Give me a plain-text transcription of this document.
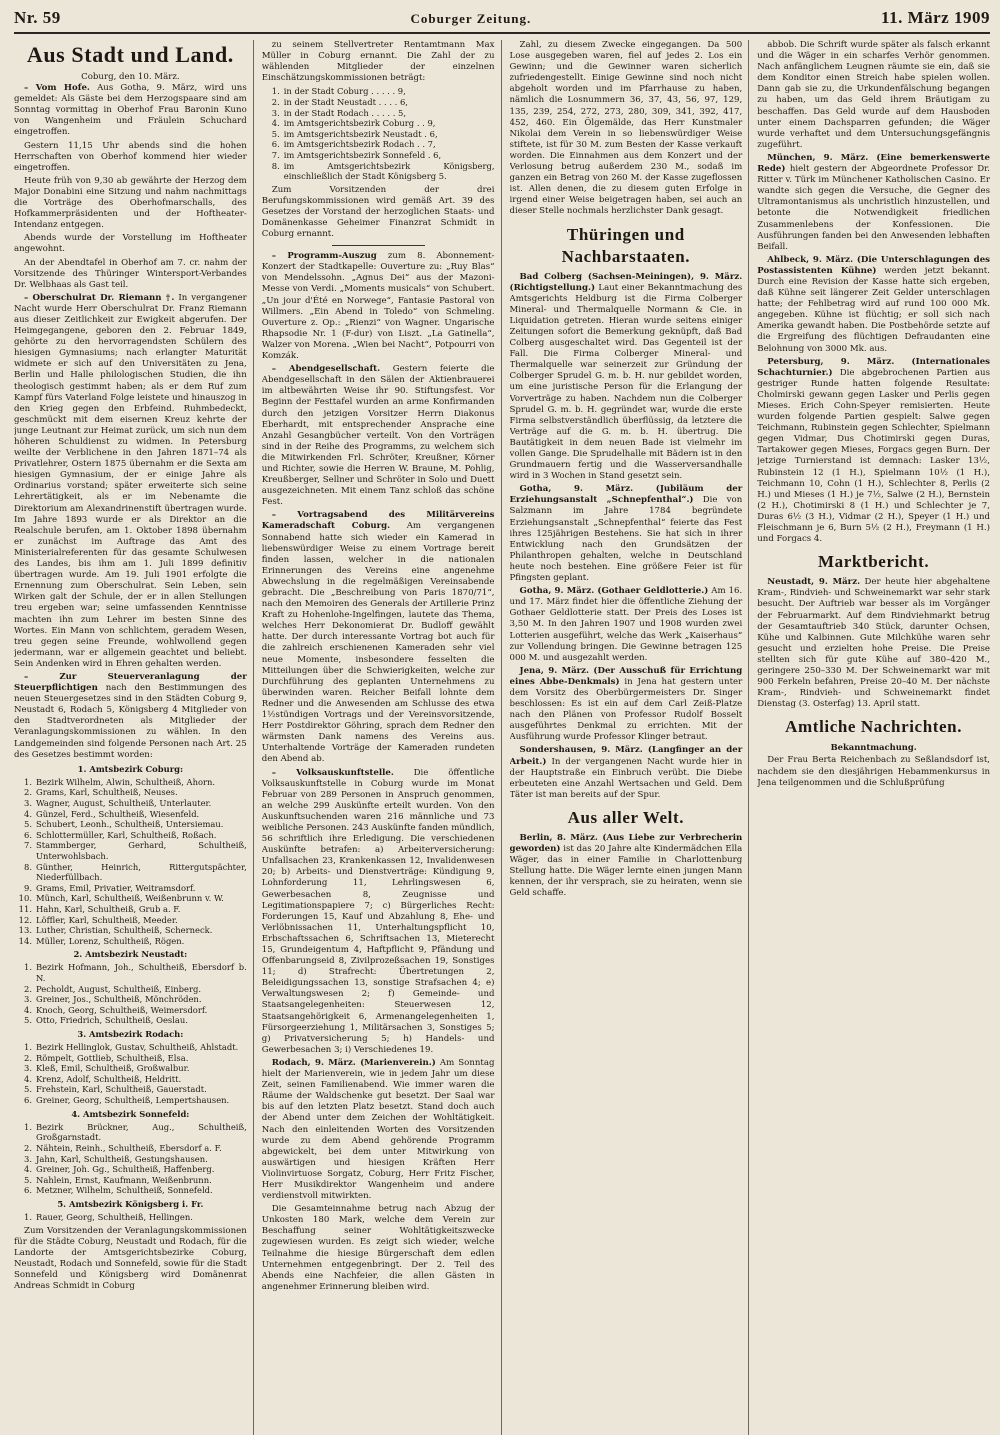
Nr. 59	Coburger Zeitung.	11. März 1909
Aus Stadt und Land.
Coburg, den 10. März.

– Vom Hofe. Aus Gotha, 9. März, wird uns gemeldet: Als Gäste bei dem Herzogspaare sind am Sonntag vormittag in Oberhof Frau Baronin Kuno von Wangenheim und Fräulein Schuchard eingetroffen.

Gestern 11,15 Uhr abends sind die hohen Herrschaften von Oberhof kommend hier wieder eingetroffen.

Heute früh von 9,30 ab gewährte der Herzog dem Major Donabini eine Sitzung und nahm nachmittags die Vorträge des Oberhofmarschalls, des Hofkammerpräsidenten und der Hoftheater-Intendanz entgegen.

Abends wurde der Vorstellung im Hoftheater angewohnt.

An der Abendtafel in Oberhof am 7. cr. nahm der Vorsitzende des Thüringer Wintersport-Verbandes Dr. Welbhaas als Gast teil.

– Oberschulrat Dr. Riemann †. In vergangener Nacht wurde Herr Oberschulrat Dr. Franz Riemann aus dieser Zeitlichkeit zur Ewigkeit abgerufen. Der Heimgegangene, geboren den 2. Februar 1849, gehörte zu den hervorragendsten Schülern des hiesigen Gymnasiums; nach erlangter Maturität widmete er sich auf den Universitäten zu Jena, Berlin und Halle philologischen Studien, die ihn theologisch gestimmt haben; als er dem Ruf zum Kampf fürs Vaterland Folge leistete und hinauszog in den Krieg gegen den Erbfeind. Ruhmbedeckt, geschmückt mit dem eisernen Kreuz kehrte der junge Leutnant zur Heimat zurück, um sich nun dem höheren Schuldienst zu widmen. In Petersburg weilte der Verblichene in den Jahren 1871–74 als Privatlehrer, Ostern 1875 übernahm er die Sexta am hiesigen Gymnasium, der er einige Jahre als Ordinarius vorstand; später erweiterte sich seine Lehrertätigkeit, als er im Nebenamte die Direktorium am Alexandrinenstift übertragen wurde. Im Jahre 1893 wurde er als Direktor an die Realschule berufen, am 1. Oktober 1898 übernahm er zunächst im Auftrage das Amt des Ministerialreferenten für das gesamte Schulwesen des Landes, bis ihm am 1. Juli 1899 definitiv übertragen wurde. Am 19. Juli 1901 erfolgte die Ernennung zum Oberschulrat. Sein Leben, sein Wirken galt der Schule, der er in allen Stellungen treu ergeben war; seine umfassenden Kenntnisse machten ihn zum Lehrer im besten Sinne des Wortes. Ein Mann von schlichtem, geradem Wesen, treu gegen seine Freunde, wohlwollend gegen jedermann, war er allgemein geachtet und beliebt. Sein Andenken wird in Ehren gehalten werden.

– Zur Steuerveranlagung der Steuerpflichtigen nach den Bestimmungen des neuen Steuergesetzes sind in den Städten Coburg 9, Neustadt 6, Rodach 5, Königsberg 4 Mitglieder von den Stadtverordneten als Mitglieder der Veranlagungskommissionen zu wählen. In den Landgemeinden sind folgende Personen nach Art. 25 des Gesetzes bestimmt worden:

1. Amtsbezirk Coburg:
1. Bezirk Wilhelm, Alwin, Schultheiß, Ahorn.
2. Grams, Karl, Schultheiß, Neuses.
3. Wagner, August, Schultheiß, Unterlauter.
4. Günzel, Ferd., Schultheiß, Wiesenfeld.
5. Schubert, Leonh., Schultheiß, Untersiemau.
6. Schlottermüller, Karl, Schultheiß, Roßach.
7. Stammberger, Gerhard, Schultheiß, Unterwohlsbach.
8. Günther, Heinrich, Rittergutspächter, Niederfüllbach.
9. Grams, Emil, Privatier, Weitramsdorf.
10. Münch, Karl, Schultheiß, Weißenbrunn v. W.
11. Hahn, Karl, Schultheiß, Grub a. F.
12. Löffler, Karl, Schultheiß, Meeder.
13. Luther, Christian, Schultheiß, Scherneck.
14. Müller, Lorenz, Schultheiß, Rögen.
2. Amtsbezirk Neustadt:
1. Bezirk Hofmann, Joh., Schultheiß, Ebersdorf b. N.
2. Pecholdt, August, Schultheiß, Einberg.
3. Greiner, Jos., Schultheiß, Mönchröden.
4. Knoch, Georg, Schultheiß, Weimersdorf.
5. Otto, Friedrich, Schultheiß, Oeslau.
3. Amtsbezirk Rodach:
1. Bezirk Hellinglok, Gustav, Schultheiß, Ahlstadt.
2. Römpelt, Gottlieb, Schultheiß, Elsa.
3. Kleß, Emil, Schultheiß, Großwalbur.
4. Krenz, Adolf, Schultheiß, Heldritt.
5. Frehstein, Karl, Schultheiß, Gauerstadt.
6. Greiner, Georg, Schultheiß, Lempertshausen.
4. Amtsbezirk Sonnefeld:
1. Bezirk Brückner, Aug., Schultheiß, Großgarnstadt.
2. Nähtein, Reinh., Schultheiß, Ebersdorf a. F.
3. Jahn, Karl, Schultheiß, Gestungshausen.
4. Greiner, Joh. Gg., Schultheiß, Haffenberg.
5. Nahlein, Ernst, Kaufmann, Weißenbrunn.
6. Metzner, Wilhelm, Schultheiß, Sonnefeld.
5. Amtsbezirk Königsberg i. Fr.
1. Rauer, Georg, Schultheiß, Hellingen.

Zum Vorsitzenden der Veranlagungskommissionen für die Städte Coburg, Neustadt und Rodach, für die Landorte der Amtsgerichtsbezirke Coburg, Neustadt, Rodach und Sonnefeld, sowie für die Stadt Sonnefeld und Königsberg wird Domänenrat Andreas Schmidt in Coburg

zu seinem Stellvertreter Rentamtmann Max Müller in Coburg ernannt. Die Zahl der zu wählenden Mitglieder der einzelnen Einschätzungskommissionen beträgt:

1. in der Stadt Coburg . . . . . 9,
2. in der Stadt Neustadt . . . . 6,
3. in der Stadt Rodach . . . . . 5,
4. im Amtsgerichtsbezirk Coburg . . 9,
5. im Amtsgerichtsbezirk Neustadt . 6,
6. im Amtsgerichtsbezirk Rodach . . 7,
7. im Amtsgerichtsbezirk Sonnefeld . 6,
8. im Amtsgerichtsbezirk Königsberg, einschließlich der Stadt Königsberg 5.

Zum Vorsitzenden der drei Berufungskommissionen wird gemäß Art. 39 des Gesetzes der Vorstand der herzoglichen Staats- und Domänenkasse Geheimer Finanzrat Schmidt in Coburg ernannt.

– Programm-Auszug zum 8. Abonnement-Konzert der Stadtkapelle: Ouverture zu: „Ruy Blas“ von Mendelssohn. „Agnus Dei“ aus der Mazoni-Messe von Verdi. „Moments musicals“ von Schubert. „Un jour d'Été en Norwege“, Fantasie Pastoral von Willmers. „Ein Abend in Toledo“ von Schmeling. Ouverture z. Op.: „Rienzi“ von Wagner. Ungarische Rhapsodie Nr. 1 (F-dur) von Liszt. „La Gatinella“, Walzer von Morena. „Wien bei Nacht“, Potpourri von Komzák.

– Abendgesellschaft. Gestern feierte die Abendgesellschaft in den Sälen der Aktienbrauerei im altbewährten Weise ihr 90. Stiftungsfest. Vor Beginn der Festtafel wurden an arme Konfirmanden durch den jetzigen Vorsitzer Herrn Diakonus Eberhardt, mit entsprechender Ansprache eine Anzahl Gesangbücher verteilt. Von den Vorträgen sind in der Reihe des Programms, zu welchem sich die Mitwirkenden Frl. Schröter, Kreußner, Körner und Richter, sowie die Herren W. Braune, M. Pohlig, Kreußberger, Sellner und Schröter in Solo und Duett ausgezeichneten. Mit einem Tanz schloß das schöne Fest.

– Vortragsabend des Militärvereins Kameradschaft Coburg. Am vergangenen Sonnabend hatte sich wieder ein Kamerad in liebenswürdiger Weise zu einem Vortrage bereit finden lassen, welcher in die nationalen Erinnerungen des Vereins eine angenehme Abwechslung in die regelmäßigen Vereinsabende gebracht. Die „Beschreibung von Paris 1870/71“, nach den Memoiren des Generals der Artillerie Prinz Kraft zu Hohenlohe-Ingelfingen, lautete das Thema, welches Herr Dekonomierat Dr. Budloff gewählt hatte. Der durch interessante Vortrag bot auch für die zahlreich erschienenen Kameraden sehr viel neue Momente, insbesondere fesselten die Mitteilungen über die Schwierigkeiten, welche zur Durchführung des geplanten Unternehmens zu überwinden waren. Reicher Beifall lohnte dem Redner und die Anwesenden am Schlusse des etwa 1½stündigen Vortrags und der Vereinsvorsitzende, Herr Postdirektor Göhring, sprach dem Redner den wärmsten Dank namens des Vereins aus. Unterhaltende Vorträge der Kameraden rundeten den Abend ab.

– Volksauskunftstelle. Die öffentliche Volksauskunftstelle in Coburg wurde im Monat Februar von 289 Personen in Anspruch genommen, an welche 299 Auskünfte erteilt wurden. Von den Auskunftsuchenden waren 216 männliche und 73 weibliche Personen. 243 Auskünfte fanden mündlich, 56 schriftlich ihre Erledigung. Die verschiedenen Auskünfte betrafen: a) Arbeiterversicherung: Unfallsachen 23, Krankenkassen 12, Invalidenwesen 20; b) Arbeits- und Dienstverträge: Kündigung 9, Lohnforderung 11, Lehrlingswesen 6, Gewerbesachen 8, Zeugnisse und Legitimationspapiere 7; c) Bürgerliches Recht: Forderungen 15, Kauf und Abzahlung 8, Ehe- und Verlöbnissachen 11, Unterhaltungspflicht 10, Erbschaftssachen 6, Schriftsachen 13, Mieterecht 15, Grundeigentum 4, Haftpflicht 9, Pfändung und Offenbarungseid 8, Zivilprozeßsachen 19, Sonstiges 11; d) Strafrecht: Übertretungen 2, Beleidigungssachen 13, sonstige Strafsachen 4; e) Verwaltungswesen 2; f) Gemeinde- und Staatsangelegenheiten: Steuerwesen 12, Staatsangehörigkeit 6, Armenangelegenheiten 1, Fürsorgeerziehung 1, Militärsachen 3, Sonstiges 5; g) Privatversicherung 5; h) Handels- und Gewerbesachen 3; i) Verschiedenes 19.

Rodach, 9. März. (Marienverein.) Am Sonntag hielt der Marienverein, wie in jedem Jahr um diese Zeit, seinen Familienabend. Wie immer waren die Räume der Waldschenke gut besetzt. Der Saal war bis auf den letzten Platz besetzt. Stand doch auch der Abend unter dem Zeichen der Wohltätigkeit. Nach den einleitenden Worten des Vorsitzenden wurde zu dem Abend gehörende Programm abgewickelt, bei dem unter Mitwirkung von auswärtigen und hiesigen Kräften Herr Violinvirtuose Sorgatz, Coburg, Herr Fritz Fischer, Herr Musikdirektor Wangenheim und andere verdienstvoll mitwirkten.

Die Gesamteinnahme betrug nach Abzug der Unkosten 180 Mark, welche dem Verein zur Beschaffung seiner Wohltätigkeitszwecke zugewiesen wurden. Es zeigt sich wieder, welche Teilnahme die hiesige Bürgerschaft dem edlen Unternehmen entgegenbringt. Der 2. Teil des Abends eine Nachfeier, die allen Gästen in angenehmer Erinnerung bleiben wird.

Zahl, zu diesem Zwecke eingegangen. Da 500 Lose ausgegeben waren, fiel auf jedes 2. Los ein Gewinn; und die Gewinner waren sicherlich zufriedengestellt. Einige Gewinne sind noch nicht abgeholt worden und im Pfarrhause zu haben, nämlich die Losnummern 36, 37, 43, 56, 97, 129, 135, 239, 254, 272, 273, 280, 309, 341, 392, 417, 452, 460. Ein Ölgemälde, das Herr Kunstmaler Nikolai dem Verein in so liebenswürdiger Weise stiftete, ist für 30 M. zum Besten der Kasse verkauft worden. Die Einnahmen aus dem Konzert und der Verlosung betrug außerdem 230 M., sodaß im ganzen ein Betrag von 260 M. der Kasse zugeflossen ist. Allen denen, die zu diesem guten Erfolge in irgend einer Weise beigetragen haben, sei auch an dieser Stelle nochmals herzlichster Dank gesagt.

Thüringen und Nachbarstaaten.

Bad Colberg (Sachsen-Meiningen), 9. März. (Richtigstellung.) Laut einer Bekanntmachung des Amtsgerichts Heldburg ist die Firma Colberger Mineral- und Thermalquelle Normann & Cie. in Liquidation getreten. Hieran wurde seitens einiger Zeitungen sofort die Bemerkung geknüpft, daß Bad Colberg ausgeschaltet wird. Das Gegenteil ist der Fall. Die Firma Colberger Mineral- und Thermalquelle war seinerzeit zur Gründung der Colberger Sprudel G. m. b. H. nur gebildet worden, um eine juristische Person für die Erlangung der Vorverträge zu haben. Nachdem nun die Colberger Sprudel G. m. b. H. gegründet war, wurde die erste Firma selbstverständlich überflüssig, da letztere die Verträge auf die G. m. b. H. übertrug. Die Bautätigkeit in dem neuen Bade ist vielmehr im vollen Gange. Die Sprudelhalle mit Bädern ist in den Grundmauern fertig und die Wasserversandhalle wird in 3 Wochen in Stand gesetzt sein.

Gotha, 9. März. (Jubiläum der Erziehungsanstalt „Schnepfenthal“.) Die von Salzmann im Jahre 1784 begründete Erziehungsanstalt „Schnepfenthal“ feierte das Fest ihres 125jährigen Bestehens. Sie hat sich in ihrer Entwicklung nach den Grundsätzen der Philanthropen gehalten, welche in Deutschland heute noch bestehen. Eine größere Feier ist für Pfingsten geplant.

Gotha, 9. März. (Gothaer Geldlotterie.) Am 16. und 17. März findet hier die öffentliche Ziehung der Gothaer Geldlotterie statt. Der Preis des Loses ist 3,50 M. In den Jahren 1907 und 1908 wurden zwei Lotterien ausgeführt, welche das Werk „Kaiserhaus“ zur Vollendung bringen. Die Gewinne betragen 125 000 M. und ausgezahlt werden.

Jena, 9. März. (Der Ausschuß für Errichtung eines Abbe-Denkmals) in Jena hat gestern unter dem Vorsitz des Oberbürgermeisters Dr. Singer beschlossen: Es ist ein auf dem Carl Zeiß-Platze nach den Plänen von Professor Rudolf Bosselt ausgeführtes Denkmal zu errichten. Mit der Ausführung wurde Professor Klinger betraut.

Sondershausen, 9. März. (Langfinger an der Arbeit.) In der vergangenen Nacht wurde hier in der Hauptstraße ein Einbruch verübt. Die Diebe erbeuteten eine Anzahl Wertsachen und Geld. Dem Täter ist man bereits auf der Spur.

Aus aller Welt.

Berlin, 8. März. (Aus Liebe zur Verbrecherin geworden) ist das 20 Jahre alte Kindermädchen Ella Wäger, das in einer Familie in Charlottenburg Stellung hatte. Die Wäger lernte einen jungen Mann kennen, der ihr versprach, sie zu heiraten, wenn sie Geld schaffe.

abbob. Die Schrift wurde später als falsch erkannt und die Wäger in ein scharfes Verhör genommen. Nach anfänglichem Leugnen räumte sie ein, daß sie dem Konditor einen Streich habe spielen wollen. Dann gab sie zu, die Urkundenfälschung begangen zu haben, um das Geld ihrem Bräutigam zu beschaffen. Das Geld wurde auf dem Hausboden unter einem Dachsparren gefunden; die Wäger wurde verhaftet und dem Untersuchungsgefängnis zugeführt.

München, 9. März. (Eine bemerkenswerte Rede) hielt gestern der Abgeordnete Professor Dr. Ritter v. Türk im Münchener Katholischen Casino. Er wandte sich gegen die Versuche, die Gegner des Ultramontanismus als unchristlich hinzustellen, und betonte die Notwendigkeit friedlichen Zusammenlebens der Konfessionen. Die Ausführungen fanden bei den Anwesenden lebhaften Beifall.

Ahlbeck, 9. März. (Die Unterschlagungen des Postassistenten Kühne) werden jetzt bekannt. Durch eine Revision der Kasse hatte sich ergeben, daß Kühne seit längerer Zeit Gelder unterschlagen hatte; der Fehlbetrag wird auf rund 100 000 Mk. angegeben. Kühne ist flüchtig; er soll sich nach Amerika gewandt haben. Die Postbehörde setzte auf die Ergreifung des flüchtigen Defraudanten eine Belohnung von 3000 Mk. aus.

Petersburg, 9. März. (Internationales Schachturnier.) Die abgebrochenen Partien aus gestriger Runde hatten folgende Resultate: Cholmirski gewann gegen Lasker und Perlis gegen Mieses. Erich Cohn-Speyer remisierten. Heute wurden folgende Partien gespielt: Salwe gegen Teichmann, Rubinstein gegen Schlechter, Spielmann gegen Vidmar, Dus Chotimirski gegen Duras, Tartakower gegen Mieses, Forgacs gegen Burn. Der jetzige Turnierstand ist demnach: Lasker 13½, Rubinstein 12 (1 H.), Spielmann 10½ (1 H.), Teichmann 10, Cohn (1 H.), Schlechter 8, Perlis (2 H.) und Mieses (1 H.) je 7½, Salwe (2 H.), Bernstein (2 H.), Chotimirski 8 (1 H.) und Schlechter je 7, Duras 6½ (3 H.), Vidmar (2 H.), Speyer (1 H.) und Fleischmann je 6, Burn 5½ (2 H.), Freymann (1 H.) und Forgacs 4.

Marktbericht.

Neustadt, 9. März. Der heute hier abgehaltene Kram-, Rindvieh- und Schweinemarkt war sehr stark besucht. Der Auftrieb war besser als im Vorgänger der Februarmarkt. Auf dem Rindviehmarkt betrug der Gesamtauftrieb 340 Stück, darunter Ochsen, Kühe und Kalbinnen. Gute Milchkühe waren sehr gesucht und erzielten hohe Preise. Die Preise stellten sich für gute Kühe auf 380–420 M., geringere 250–330 M. Der Schweinemarkt war mit 900 Ferkeln befahren, Preise 20–40 M. Der nächste Kram-, Rindvieh- und Schweinemarkt findet Dienstag (3. Osterfag) 13. April statt.

Amtliche Nachrichten.
Bekanntmachung.

Der Frau Berta Reichenbach zu Seßlandsdorf ist, nachdem sie den diesjährigen Hebammenkursus in Jena teilgenommen und die Schlußprüfung
